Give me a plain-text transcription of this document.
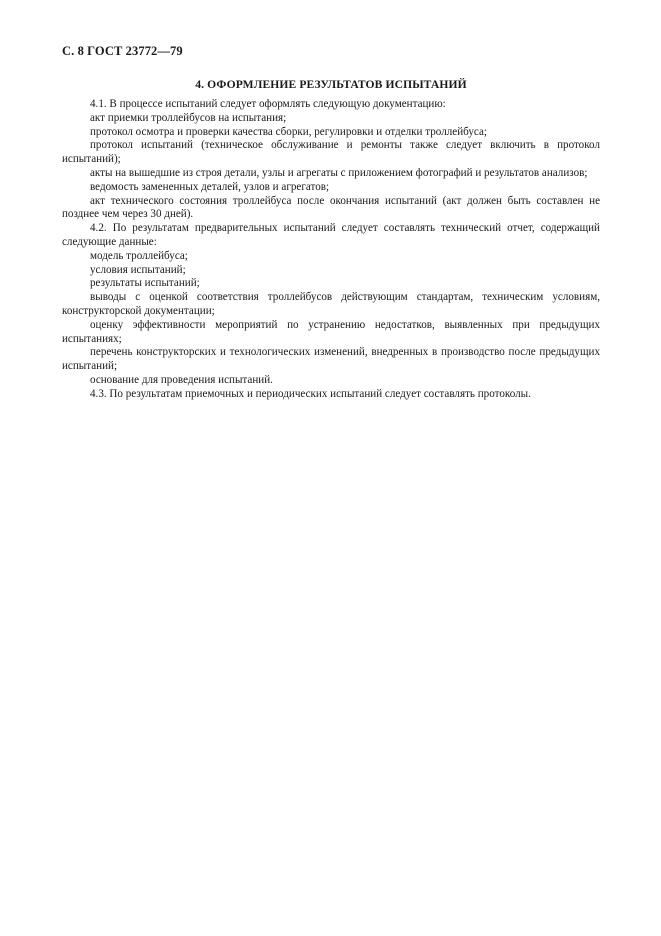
С. 8 ГОСТ 23772—79
4. ОФОРМЛЕНИЕ РЕЗУЛЬТАТОВ ИСПЫТАНИЙ

4.1. В процессе испытаний следует оформлять следующую документацию:

акт приемки троллейбусов на испытания;

протокол осмотра и проверки качества сборки, регулировки и отделки троллейбуса;

протокол испытаний (техническое обслуживание и ремонты также следует включить в протокол испытаний);

акты на вышедшие из строя детали, узлы и агрегаты с приложением фотографий и результатов анализов;

ведомость замененных деталей, узлов и агрегатов;

акт технического состояния троллейбуса после окончания испытаний (акт должен быть составлен не позднее чем через 30 дней).

4.2. По результатам предварительных испытаний следует составлять технический отчет, содержащий следующие данные:

модель троллейбуса;

условия испытаний;

результаты испытаний;

выводы с оценкой соответствия троллейбусов действующим стандартам, техническим условиям, конструкторской документации;

оценку эффективности мероприятий по устранению недостатков, выявленных при предыдущих испытаниях;

перечень конструкторских и технологических изменений, внедренных в производство после предыдущих испытаний;

основание для проведения испытаний.

4.3. По результатам приемочных и периодических испытаний следует составлять протоколы.
